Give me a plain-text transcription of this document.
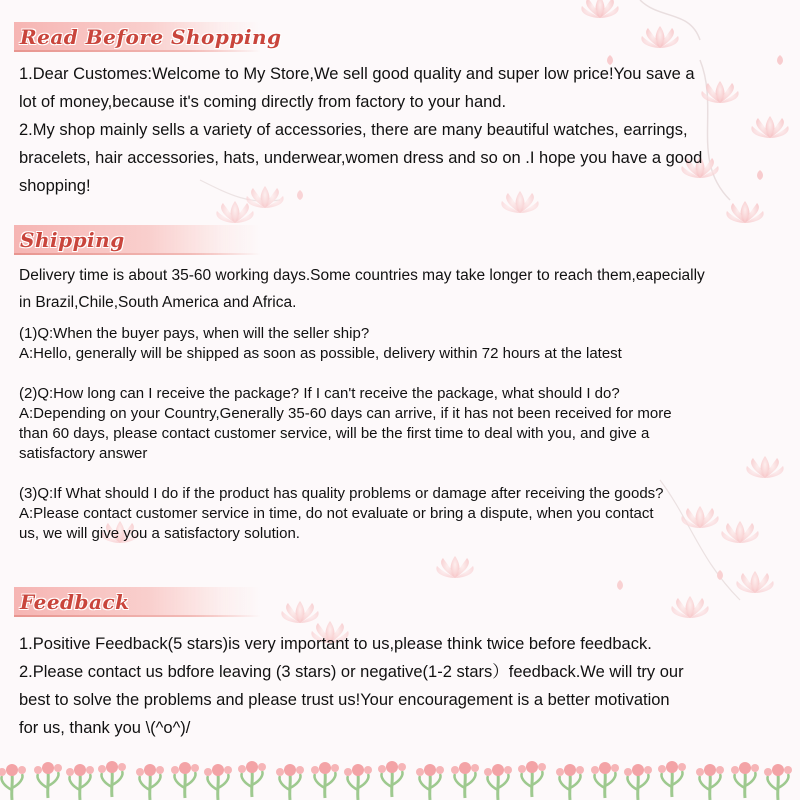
Read Before Shopping
1.Dear Customes:Welcome to My Store,We sell good quality and super low price!You save a
lot of money,because it's coming directly from factory to your hand.
2.My shop mainly sells a variety of accessories, there are many beautiful watches, earrings,
bracelets, hair accessories, hats, underwear,women dress and so on .I hope you have a good
shopping!
Shipping
Delivery time is about 35-60 working days.Some countries may take longer to reach them,eapecially
in Brazil,Chile,South America and Africa.
(1)Q:When the buyer pays, when will the seller ship?
A:Hello, generally will be shipped as soon as possible, delivery within 72 hours at the latest
(2)Q:How long can I receive the package? If I can't receive the package, what should I do?
A:Depending on your Country,Generally 35-60 days can arrive, if it has not been received for more
than 60 days, please contact customer service, will be the first time to deal with you, and give a
satisfactory answer
(3)Q:If What should I do if the product has quality problems or damage after receiving the goods?
A:Please contact customer service in time, do not evaluate or bring a dispute, when you contact
us, we will give you a satisfactory solution.
Feedback
1.Positive Feedback(5 stars)is very important to us,please think twice before feedback.
2.Please contact us bdfore leaving (3 stars) or negative(1-2 stars）feedback.We will try our
best to solve the problems and please trust us!Your encouragement is a better motivation
for us, thank you \(^o^)/
